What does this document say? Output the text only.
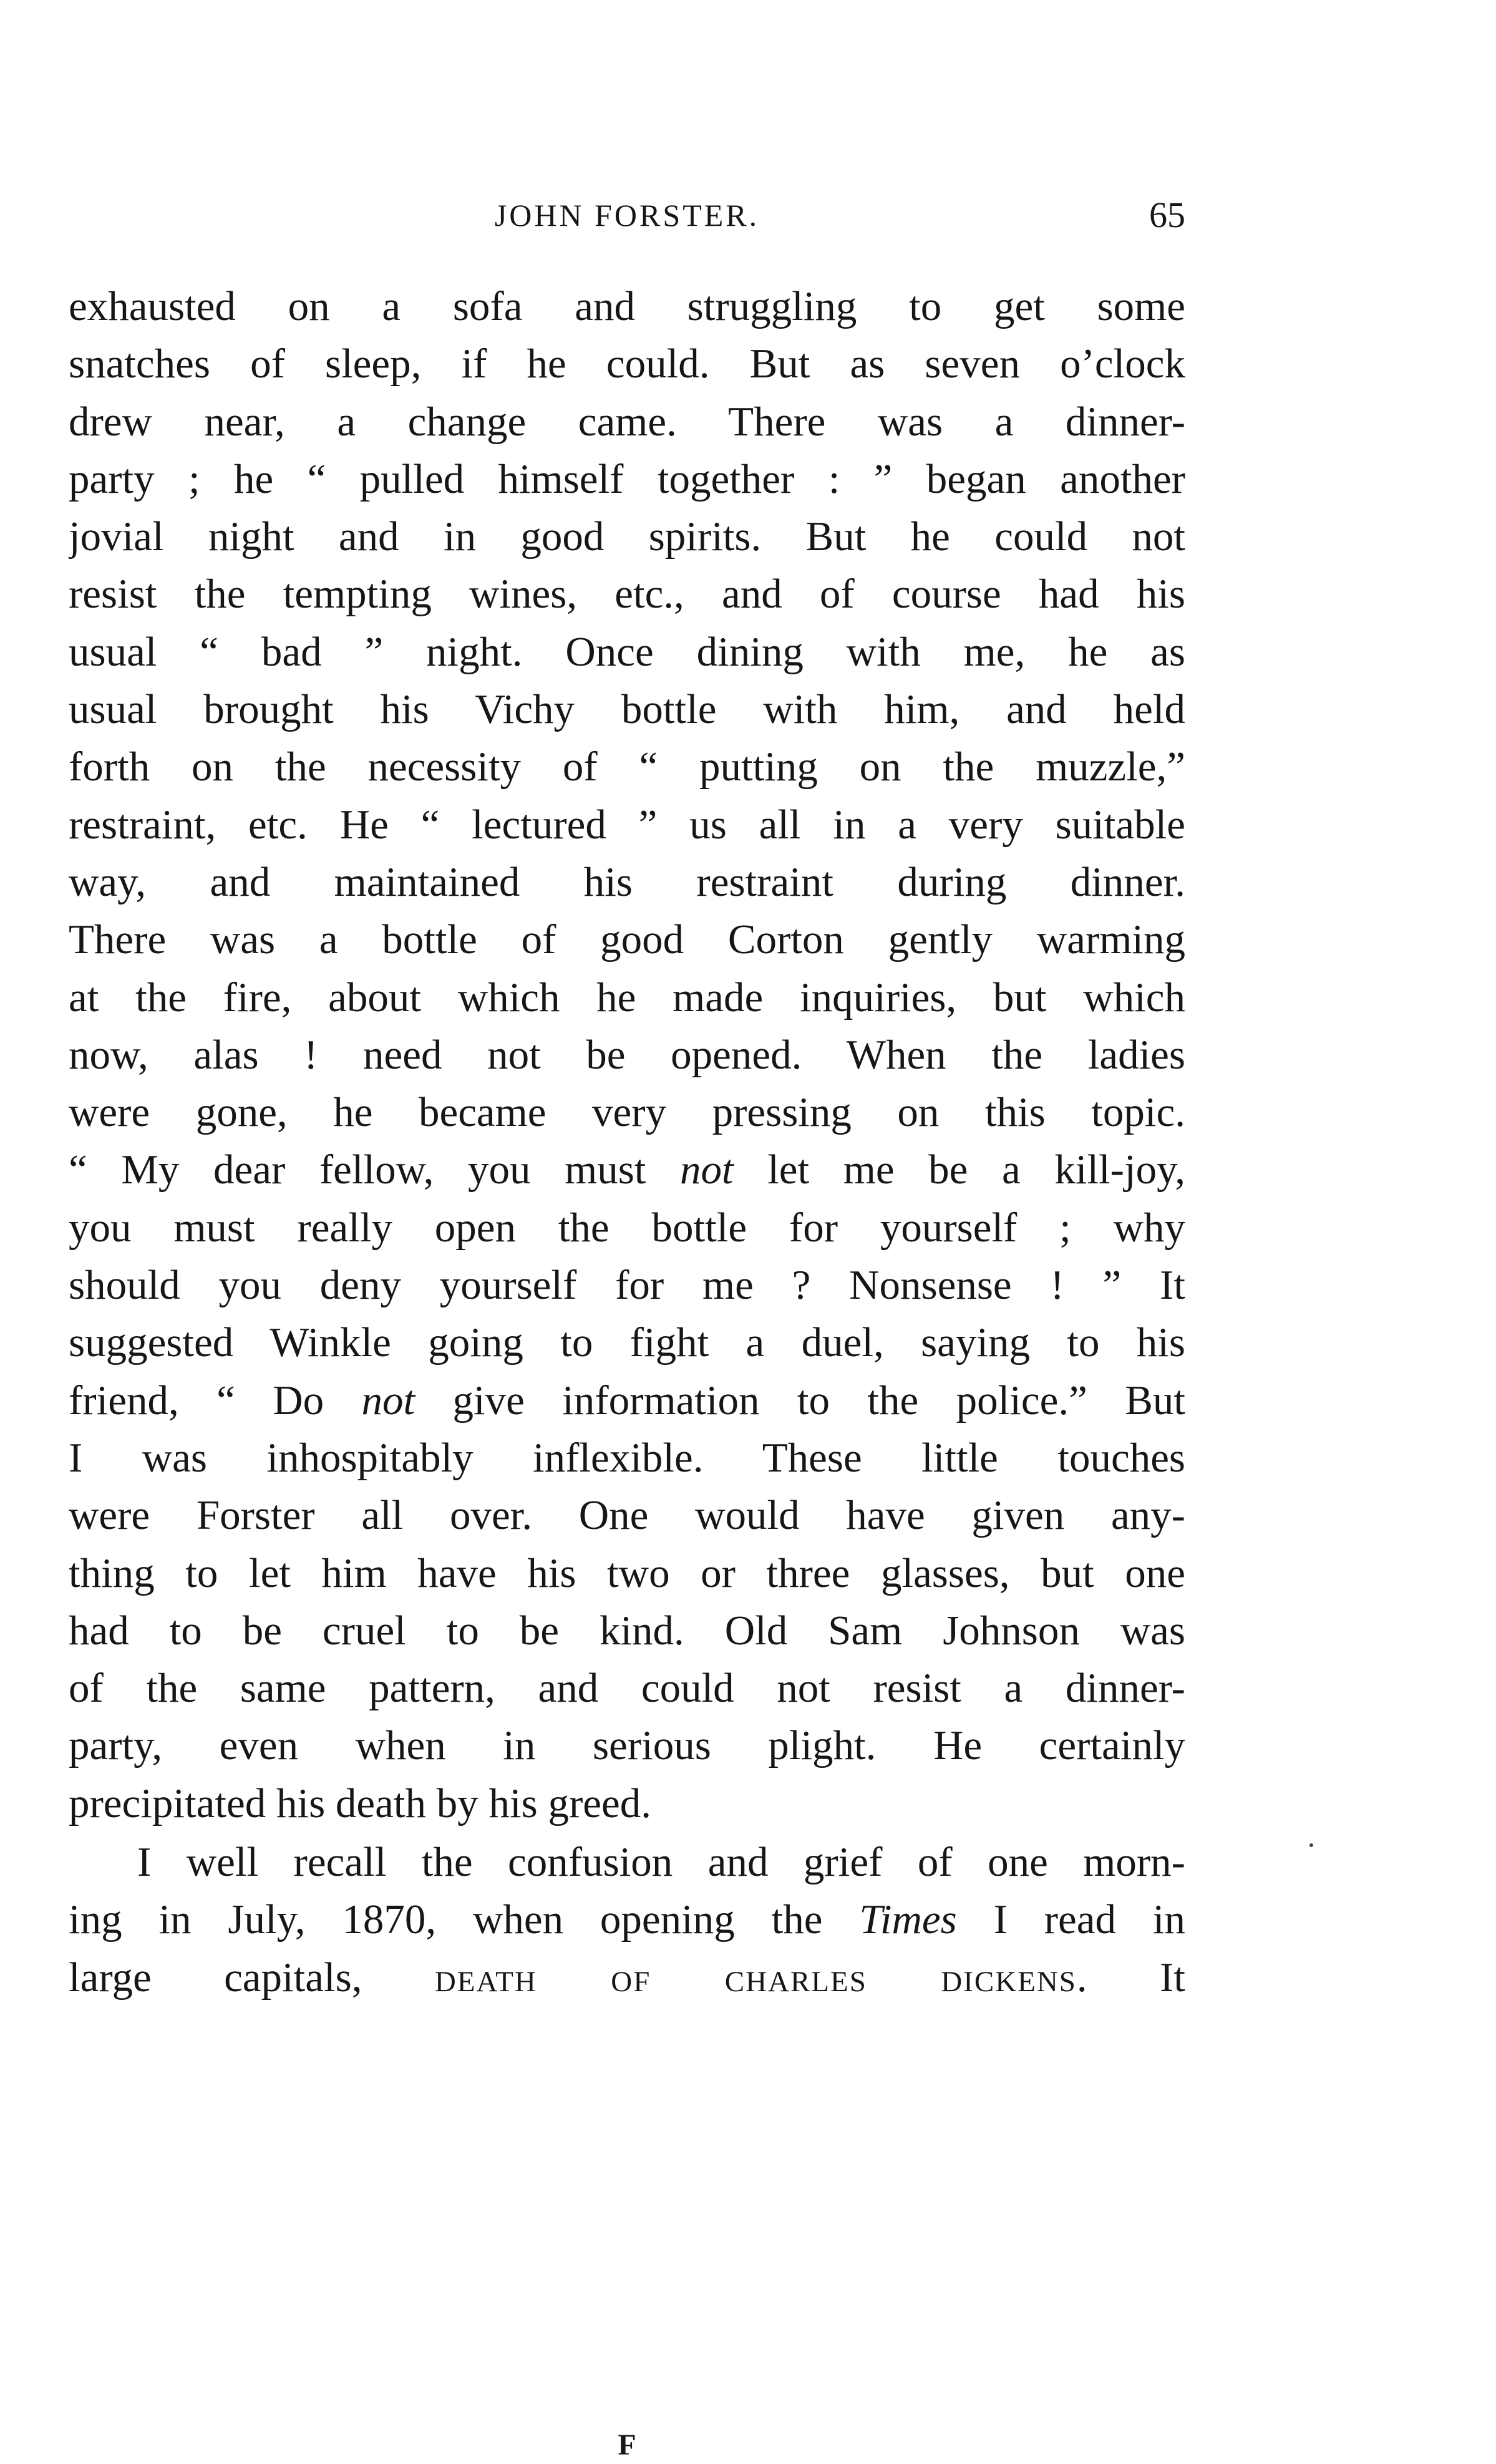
JOHN FORSTER.	65
exhausted on a sofa and struggling to get some
snatches of sleep, if he could. But as seven o’clock
drew near, a change came. There was a dinner-
party ; he “ pulled himself together : ” began another
jovial night and in good spirits. But he could not
resist the tempting wines, etc., and of course had his
usual “ bad ” night. Once dining with me, he as
usual brought his Vichy bottle with him, and held
forth on the necessity of “ putting on the muzzle,”
restraint, etc. He “ lectured ” us all in a very suitable
way, and maintained his restraint during dinner.
There was a bottle of good Corton gently warming
at the fire, about which he made inquiries, but which
now, alas ! need not be opened. When the ladies
were gone, he became very pressing on this topic.
“ My dear fellow, you must not let me be a kill-joy,
you must really open the bottle for yourself ; why
should you deny yourself for me ? Nonsense ! ” It
suggested Winkle going to fight a duel, saying to his
friend, “ Do not give information to the police.” But
I was inhospitably inflexible. These little touches
were Forster all over. One would have given any-
thing to let him have his two or three glasses, but one
had to be cruel to be kind. Old Sam Johnson was
of the same pattern, and could not resist a dinner-
party, even when in serious plight. He certainly
precipitated his death by his greed.
I well recall the confusion and grief of one morn-
ing in July, 1870, when opening the Times I read in
large capitals, death of charles dickens. It
F
